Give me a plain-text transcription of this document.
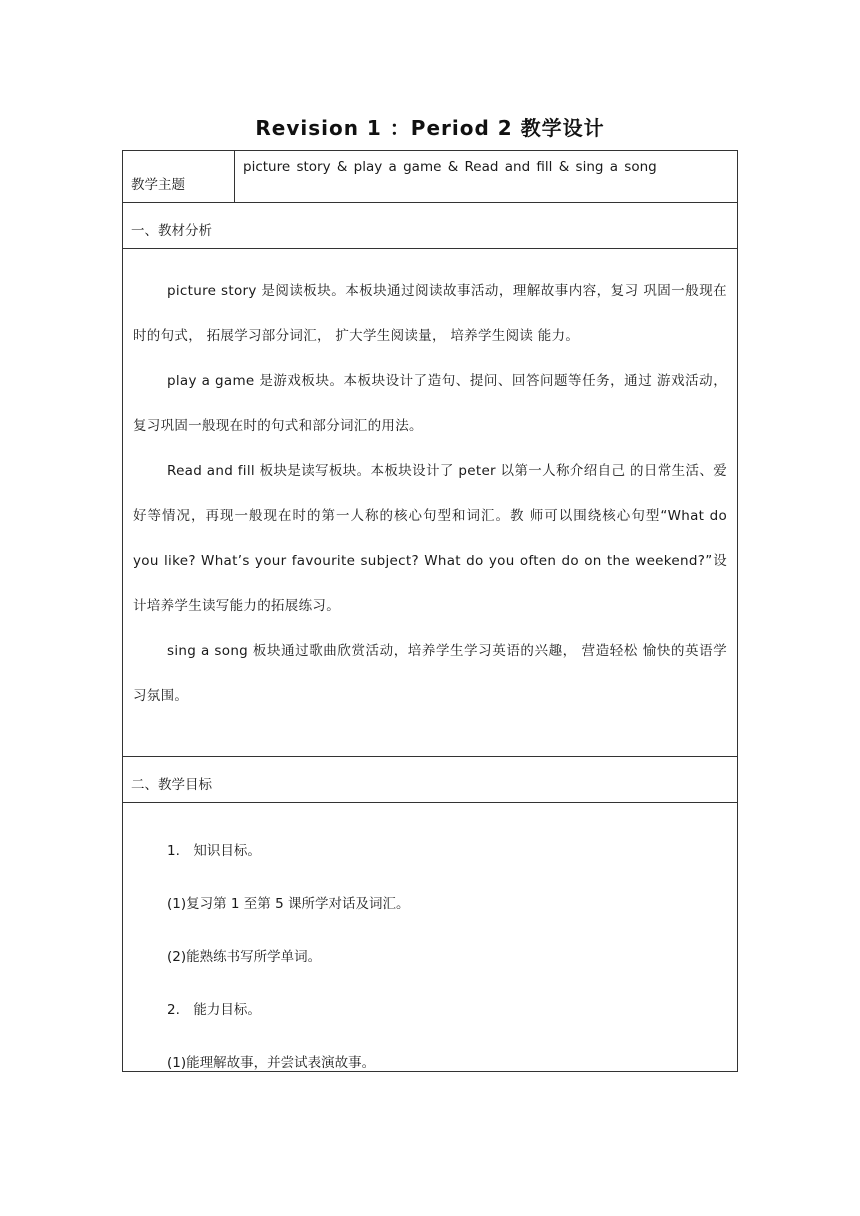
Revision 1 ：Period 2 教学设计
教学主题
picture story & play a game & Read and fill & sing a song
一、教材分析

picture story 是阅读板块。本板块通过阅读故事活动，理解故事内容，复习 巩固一般现在时的句式， 拓展学习部分词汇， 扩大学生阅读量， 培养学生阅读 能力。

play a game 是游戏板块。本板块设计了造句、提问、回答问题等任务，通过 游戏活动，复习巩固一般现在时的句式和部分词汇的用法。

Read and fill 板块是读写板块。本板块设计了 peter 以第一人称介绍自己 的日常生活、爱好等情况，再现一般现在时的第一人称的核心句型和词汇。教 师可以围绕核心句型“What do you like? What’s your favourite subject? What do you often do on the weekend?”设计培养学生读写能力的拓展练习。

sing a song 板块通过歌曲欣赏活动，培养学生学习英语的兴趣， 营造轻松 愉快的英语学习氛围。

二、教学目标

1.　知识目标。

(1)复习第 1 至第 5 课所学对话及词汇。

(2)能熟练书写所学单词。

2.　能力目标。

(1)能理解故事，并尝试表演故事。
